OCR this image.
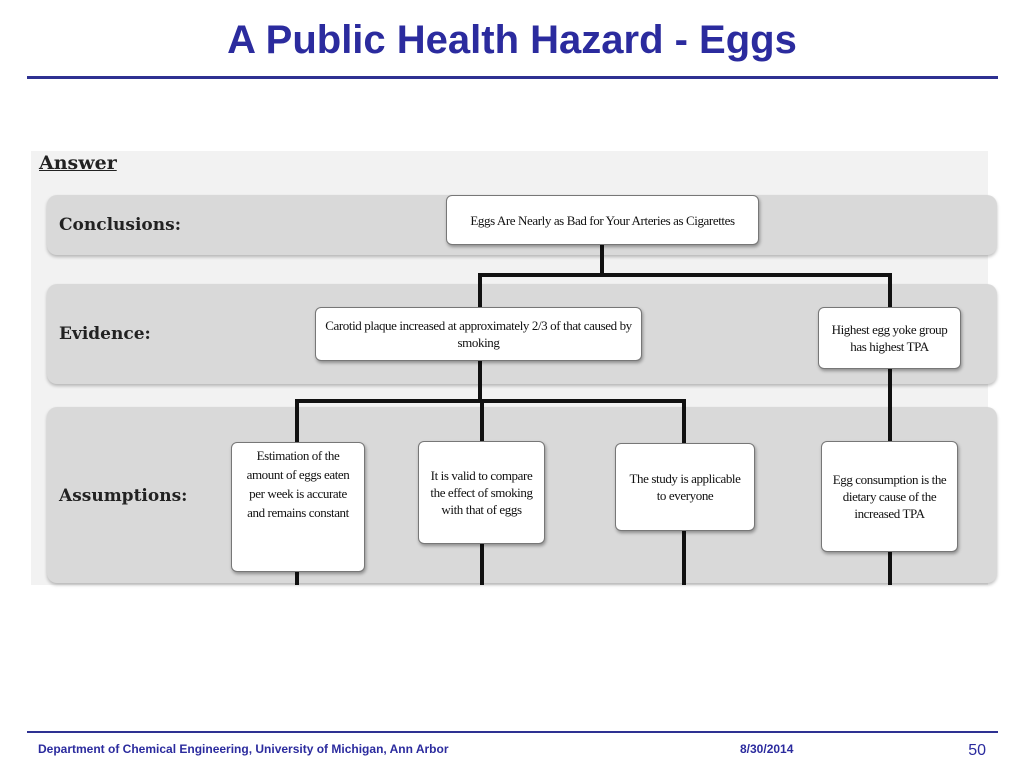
A Public Health Hazard - Eggs
Answer
Conclusions:
Evidence:
Assumptions:
Eggs Are Nearly as Bad for Your Arteries as Cigarettes
Carotid plaque increased at approximately 2/3 of that caused by smoking
Highest egg yoke group has highest TPA
Estimation of the amount of eggs eaten per week is accurate and remains constant
It is valid to compare the effect of smoking with that of eggs
The study is applicable to everyone
Egg consumption is the dietary cause of the increased TPA
Department of Chemical Engineering, University of Michigan, Ann Arbor	8/30/2014	50
